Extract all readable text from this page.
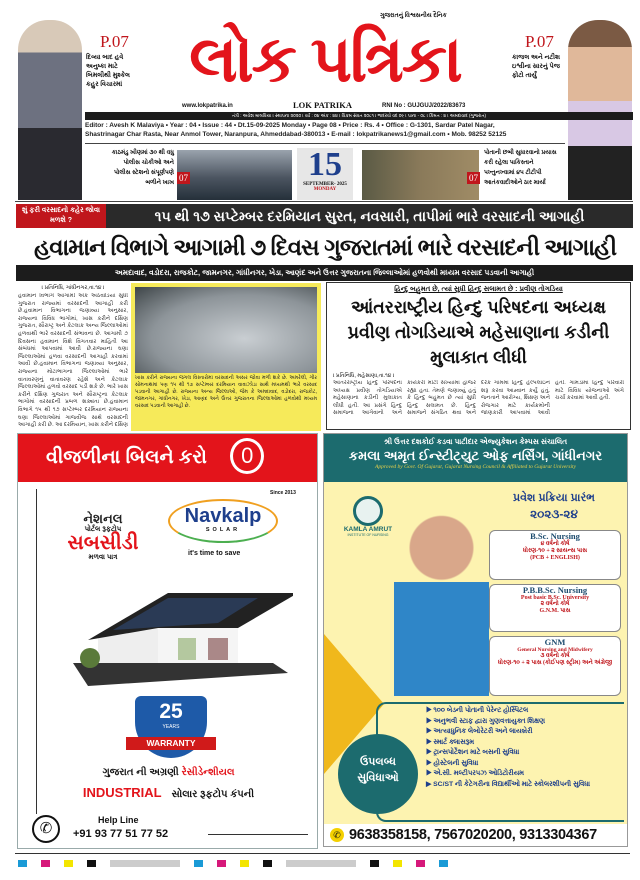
P.07
દિવ્યા બાદ હવે અનુષ્કા માટે બિમલીથી મુશ્કેલ કહુર વિચારમાં
ગુજરાતનું વિશ્વસનીય દૈનિક
લોક પત્રિકા
www.lokpatrika.in	LOK PATRIKA	RNI No : GUJGUJ/2022/83673
P.07
કાજલ અને નટીશ ઇશ્વીના સારનું પેજ ફોટો તાર્યું
તંત્રી : અવેશ માલવિયા । સ્થાપના ૨૦૨૦ । વર્ષ : ૦૪ અંક : ૪૪ । વિક્રમ સંવત ૨૦૮૧ । ભાદરવો વદ ૦૯ । પાના - ૦૮ । કિંમત : ૪ । અમદાવાદ (ગુજરાત)
Editor : Avesh K Malaviya • Year : 04 • Issue : 44 • Dt.15-09-2025 Monday • Page 08 • Price : Rs. 4 • Office : G-1301, Sardar Patel Nagar,
Shastrinagar Char Rasta, Near Anmol Tower, Naranpura, Ahmeddabad-380013 • E-mail : lokpatrikanews1@gmail.com • Mob. 98252 52125
કાઠમંડુ ખીણમાં ૩૦ થી વધુ પોલીસ ચોકીઓ અને પોલીસ સ્ટેશનો સંપૂર્ણપણે બળીને ખાખ 07	15
SEPTEMBER- 2025
MONDAY
07
પોતાની છબી સુધારવાનો પ્રયાસ કરી રહેલા પાકિસ્તાને પખ્તુનખ્વામાં ૪૫ ટીટીપી આતંકવાદીઓને ઠાર માર્યા
શું ફરી વરસાદનો કહેર જોવા મળશે ?	૧૫ થી ૧૭ સપ્ટેમ્બર દરમિયાન સુરત, નવસારી, તાપીમાં ભારે વરસાદની આગાહી
હવામાન વિભાગે આગામી ૭ દિવસ ગુજરાતમાં ભારે વરસાદની આગાહી
અમદાવાદ, વડોદરા, રાજકોટ, જામનગર, ગાંધીનગર, ખેડા, આણંદ અને ઉત્તર ગુજરાતના જિલ્લાઓમાં હળવોથી મધ્યમ વરસાદ પડવાની આગાહી
। પ્રતિનિધિ, ગાંધીનગર,તા.૧૪ ।
હવામાન વિભાગે આગામી એક અઠવાડિયા સુધી ગુજરાત રાજ્યમાં વરસાદની આગાહી કરી છે.હવામાન વિભાગના જણાવ્યા અનુસાર, રાજ્યના વિવિધ ભાગોમાં, ખાસ કરીને દક્ષિણ ગુજરાત, સૌરાષ્ટ્ર અને કેટલાક અન્ય જિલ્લાઓમાં હળવાથી ભારે વરસાદની સંભાવના છે. આગામી ૭ દિવસના હવામાન વિશે વિગતવાર માહિતી આ સંબંધમાં આપવામાં આવી છે.રાજ્યના ઘણા જિલ્લાઓમાં હળવા વરસાદની આગાહી કરવામાં આવી છે.હવામાન વિભાગના જણાવ્યા અનુસાર, રાજ્યના મોટાભાગના જિલ્લાઓમાં ભારે વાતાવરણનું વાતાવરણ રહેશે અને કેટલાક જિલ્લાઓમાં હળવો વરસાદ પડી શકે છે. ભારે ખાસ કરીને દક્ષિણ ગુજરાત અને સૌરાષ્ટ્રના કેટલાક ભાગોમાં વરસાદની પ્રબળ શક્યતા છે.હવામાન વિભાગે ૧૫ થી ૧૭ સપ્ટેમ્બર દરમિયાન રાજ્યના ઘણા જિલ્લાઓમાં ગાજવીજ સાથે વરસાદની આગાહી કરી છે. આ દરમિયાન, ખાસ કરીને દક્ષિણ
ખાસ કરીને રાજ્યના જંગલ વિસ્તારોમાં વરસાદની અસર જોવા મળી શકે છે. અમરેલી, ગીર સોમનાથમાં પણ ૧૫ થી ૧૭ સપ્ટેમ્બર દરમિયાન વાવાઝોડા સાથે મધ્યમથી ભારે વરસાદ પડવાની આગાહી છે. રાજ્યના અન્ય જિલ્લાઓ, જેમ કે અમદાવાદ, વડોદરા, રાજકોટ, જામનગર, ગાંધીનગર, ખેડા, આણંદ અને ઉત્તર ગુજરાતના જિલ્લાઓમાં હળવોથી મધ્યમ વરસાદ પડવાની આગાહી છે.
હિન્દુ બહુમત છે, ત્યાં સુધી હિન્દુ સલામત છે : પ્રવીણ તોગડિયા
આંતરરાષ્ટ્રીય હિન્દુ પરિષદના અધ્યક્ષ પ્રવીણ તોગડિયાએ મહેસાણાના કડીની મુલાકાત લીધી
। પ્રતિનિધિ, મહેસાણા,તા.૧૪ ।
આંતરરાષ્ટ્રીય હિન્દુ પરિષદના અધ્યક્ષ પ્રવીણ તોગડિયાએ મહેસાણાના કડીની મુલાકાત લીધી હતી. આ પ્રસંગે હિન્દુ સમાજના આગેવાનો અને કાર્યકરો મોટી સંખ્યામાં હાજર રહ્યા હતા. તેમણે જણાવ્યું હતું કે હિન્દુ બહુમત છે ત્યાં સુધી હિન્દુ સલામત છે. હિન્દુ સમાજને સંગઠિત થવા અને દરેક ગામમાં હિન્દુ હેલ્પલાઇન શરૂ કરવા આહ્વાન કર્યું હતું. જનતાને આરોગ્ય, શિક્ષણ અને રોજગાર માટે કાર્યક્રમોની જાણકારી આપવામાં આવી હતી. ગામડાંમાં હિન્દુ પરિવારો માટે વિવિધ યોજનાઓ અંગે ચર્ચા કરવામાં આવી હતી.
વીજળીના બિલને કરો 0
Since 2013
Navkalp
SOLAR
it's time to save
નેશનલ
પોર્ટલ રૂફટોપ
સબસીડી
મળવા પાત્ર
25
YEARS
WARRANTY
ગુજરાત ની અગ્રણી રેસીડેન્શીયલ
INDUSTRIAL સોલાર રૂફટોપ કંપની
✆	Help Line
+91 93 77 51 77 52
શ્રી ઉત્તર દશકોઈ કડવા પાટીદાર એજ્યુકેશન કેમ્પસ સંચાલિત
કમલા અમૃત ઈન્સ્ટીટ્યુટ ઓફ નર્સિંગ, ગાંધીનગર
Approved by Govt. Of Gujarat, Gujarat Nursing Council & Affiliated to Gujarat University
KAMLA AMRUT
INSTITUTE OF NURSING
પ્રવેશ પ્રક્રિયા પ્રારંભ
૨૦૨૩-૨૪
B.Sc. Nursing
૪ વર્ષનો કોર્ષ
ધોરણ-૧૦ + ૨ સાયન્સ પાસ
(PCB + ENGLISH)
P.B.B.Sc. Nursing
Post basic B.Sc. University
૨ વર્ષનો કોર્ષ
G.N.M. પાસ
GNM
General Nursing and Midwifery
૩ વર્ષનો કોર્ષ
ધોરણ-૧૦ + ૨ પાસ (કોઈપણ સ્ટ્રીમ) અને અંગ્રેજી
ઉપલબ્ધ સુવિધાઓ
▶ ૧૦૦ બેડની પોતાની પેરેન્ટ હોસ્પિટલ
▶ અનુભવી સ્ટાફ દ્વારા ગુણવત્તાયુક્ત શિક્ષણ
▶ અત્યાધુનિક લેબોરેટરી અને લાયબ્રેરી
▶ સ્માર્ટ ક્લાસરૂમ
▶ ટ્રાન્સપોર્ટેશન માટે બસની સુવિધા
▶ હોસ્ટેલની સુવિધા
▶ એ.સી. મલ્ટીપરપઝ ઓડિટોરીયમ
▶ SC/ST ની કેટેગરીના વિદ્યાર્થીઓ માટે સ્કોલરશીપની સુવિધા
✆ 9638358158, 7567020200, 9313304367
